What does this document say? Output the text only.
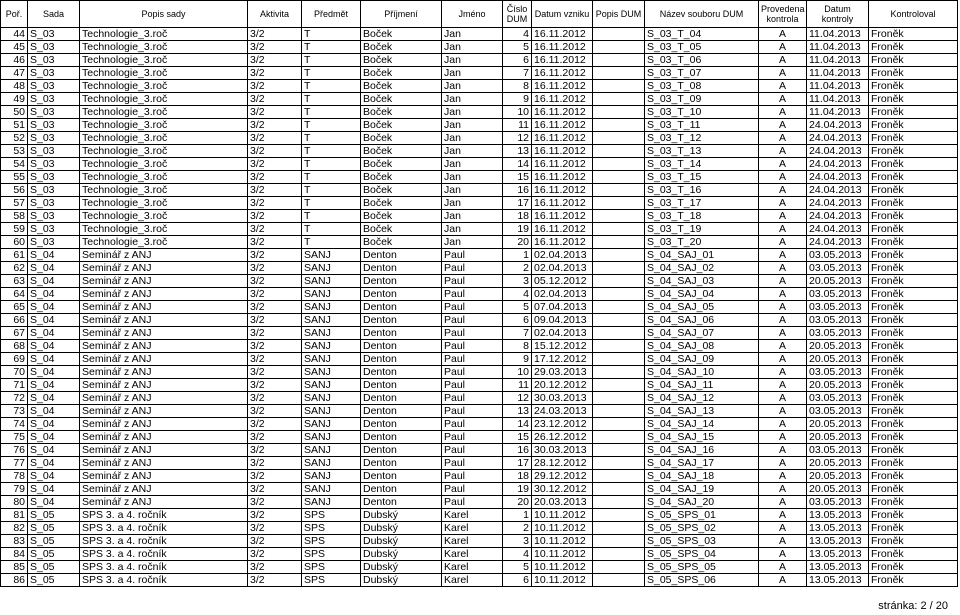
Poř.	Sada	Popis sady	Aktivita	Předmět	Příjmení	Jméno	Číslo DUM	Datum vzniku	Popis DUM	Název souboru DUM	Provedena kontrola	Datum kontroly	Kontroloval
44	S_03	Technologie_3.roč	3/2	T	Boček	Jan	4	16.11.2012		S_03_T_04	A	11.04.2013	Froněk
45	S_03	Technologie_3.roč	3/2	T	Boček	Jan	5	16.11.2012		S_03_T_05	A	11.04.2013	Froněk
46	S_03	Technologie_3.roč	3/2	T	Boček	Jan	6	16.11.2012		S_03_T_06	A	11.04.2013	Froněk
47	S_03	Technologie_3.roč	3/2	T	Boček	Jan	7	16.11.2012		S_03_T_07	A	11.04.2013	Froněk
48	S_03	Technologie_3.roč	3/2	T	Boček	Jan	8	16.11.2012		S_03_T_08	A	11.04.2013	Froněk
49	S_03	Technologie_3.roč	3/2	T	Boček	Jan	9	16.11.2012		S_03_T_09	A	11.04.2013	Froněk
50	S_03	Technologie_3.roč	3/2	T	Boček	Jan	10	16.11.2012		S_03_T_10	A	11.04.2013	Froněk
51	S_03	Technologie_3.roč	3/2	T	Boček	Jan	11	16.11.2012		S_03_T_11	A	24.04.2013	Froněk
52	S_03	Technologie_3.roč	3/2	T	Boček	Jan	12	16.11.2012		S_03_T_12	A	24.04.2013	Froněk
53	S_03	Technologie_3.roč	3/2	T	Boček	Jan	13	16.11.2012		S_03_T_13	A	24.04.2013	Froněk
54	S_03	Technologie_3.roč	3/2	T	Boček	Jan	14	16.11.2012		S_03_T_14	A	24.04.2013	Froněk
55	S_03	Technologie_3.roč	3/2	T	Boček	Jan	15	16.11.2012		S_03_T_15	A	24.04.2013	Froněk
56	S_03	Technologie_3.roč	3/2	T	Boček	Jan	16	16.11.2012		S_03_T_16	A	24.04.2013	Froněk
57	S_03	Technologie_3.roč	3/2	T	Boček	Jan	17	16.11.2012		S_03_T_17	A	24.04.2013	Froněk
58	S_03	Technologie_3.roč	3/2	T	Boček	Jan	18	16.11.2012		S_03_T_18	A	24.04.2013	Froněk
59	S_03	Technologie_3.roč	3/2	T	Boček	Jan	19	16.11.2012		S_03_T_19	A	24.04.2013	Froněk
60	S_03	Technologie_3.roč	3/2	T	Boček	Jan	20	16.11.2012		S_03_T_20	A	24.04.2013	Froněk
61	S_04	Seminář z ANJ	3/2	SANJ	Denton	Paul	1	02.04.2013		S_04_SAJ_01	A	03.05.2013	Froněk
62	S_04	Seminář z ANJ	3/2	SANJ	Denton	Paul	2	02.04.2013		S_04_SAJ_02	A	03.05.2013	Froněk
63	S_04	Seminář z ANJ	3/2	SANJ	Denton	Paul	3	05.12.2012		S_04_SAJ_03	A	20.05.2013	Froněk
64	S_04	Seminář z ANJ	3/2	SANJ	Denton	Paul	4	02.04.2013		S_04_SAJ_04	A	03.05.2013	Froněk
65	S_04	Seminář z ANJ	3/2	SANJ	Denton	Paul	5	07.04.2013		S_04_SAJ_05	A	03.05.2013	Froněk
66	S_04	Seminář z ANJ	3/2	SANJ	Denton	Paul	6	09.04.2013		S_04_SAJ_06	A	03.05.2013	Froněk
67	S_04	Seminář z ANJ	3/2	SANJ	Denton	Paul	7	02.04.2013		S_04_SAJ_07	A	03.05.2013	Froněk
68	S_04	Seminář z ANJ	3/2	SANJ	Denton	Paul	8	15.12.2012		S_04_SAJ_08	A	20.05.2013	Froněk
69	S_04	Seminář z ANJ	3/2	SANJ	Denton	Paul	9	17.12.2012		S_04_SAJ_09	A	20.05.2013	Froněk
70	S_04	Seminář z ANJ	3/2	SANJ	Denton	Paul	10	29.03.2013		S_04_SAJ_10	A	03.05.2013	Froněk
71	S_04	Seminář z ANJ	3/2	SANJ	Denton	Paul	11	20.12.2012		S_04_SAJ_11	A	20.05.2013	Froněk
72	S_04	Seminář z ANJ	3/2	SANJ	Denton	Paul	12	30.03.2013		S_04_SAJ_12	A	03.05.2013	Froněk
73	S_04	Seminář z ANJ	3/2	SANJ	Denton	Paul	13	24.03.2013		S_04_SAJ_13	A	03.05.2013	Froněk
74	S_04	Seminář z ANJ	3/2	SANJ	Denton	Paul	14	23.12.2012		S_04_SAJ_14	A	20.05.2013	Froněk
75	S_04	Seminář z ANJ	3/2	SANJ	Denton	Paul	15	26.12.2012		S_04_SAJ_15	A	20.05.2013	Froněk
76	S_04	Seminář z ANJ	3/2	SANJ	Denton	Paul	16	30.03.2013		S_04_SAJ_16	A	03.05.2013	Froněk
77	S_04	Seminář z ANJ	3/2	SANJ	Denton	Paul	17	28.12.2012		S_04_SAJ_17	A	20.05.2013	Froněk
78	S_04	Seminář z ANJ	3/2	SANJ	Denton	Paul	18	29.12.2012		S_04_SAJ_18	A	20.05.2013	Froněk
79	S_04	Seminář z ANJ	3/2	SANJ	Denton	Paul	19	30.12.2012		S_04_SAJ_19	A	20.05.2013	Froněk
80	S_04	Seminář z ANJ	3/2	SANJ	Denton	Paul	20	20.03.2013		S_04_SAJ_20	A	03.05.2013	Froněk
81	S_05	SPS 3. a 4. ročník	3/2	SPS	Dubský	Karel	1	10.11.2012		S_05_SPS_01	A	13.05.2013	Froněk
82	S_05	SPS 3. a 4. ročník	3/2	SPS	Dubský	Karel	2	10.11.2012		S_05_SPS_02	A	13.05.2013	Froněk
83	S_05	SPS 3. a 4. ročník	3/2	SPS	Dubský	Karel	3	10.11.2012		S_05_SPS_03	A	13.05.2013	Froněk
84	S_05	SPS 3. a 4. ročník	3/2	SPS	Dubský	Karel	4	10.11.2012		S_05_SPS_04	A	13.05.2013	Froněk
85	S_05	SPS 3. a 4. ročník	3/2	SPS	Dubský	Karel	5	10.11.2012		S_05_SPS_05	A	13.05.2013	Froněk
86	S_05	SPS 3. a 4. ročník	3/2	SPS	Dubský	Karel	6	10.11.2012		S_05_SPS_06	A	13.05.2013	Froněk
stránka: 2 / 20
